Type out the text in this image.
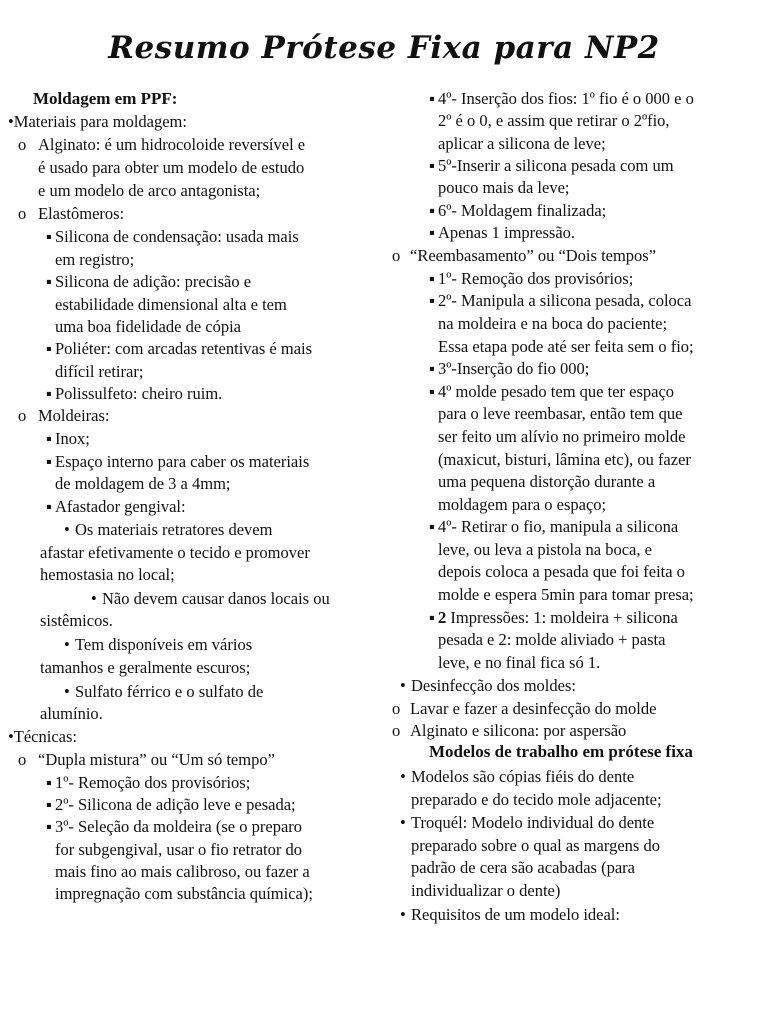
Resumo Prótese Fixa para NP2
Moldagem em PPF:
•Materiais para moldagem:
o Alginato: é um hidrocoloide reversível e
é usado para obter um modelo de estudo
e um modelo de arco antagonista;
o Elastômeros:
▪ Silicona de condensação: usada mais
em registro;
▪ Silicona de adição: precisão e
estabilidade dimensional alta e tem
uma boa fidelidade de cópia
▪ Poliéter: com arcadas retentivas é mais
difícil retirar;
▪ Polissulfeto: cheiro ruim.
o Moldeiras:
▪ Inox;
▪ Espaço interno para caber os materiais
de moldagem de 3 a 4mm;
▪ Afastador gengival:
• Os materiais retratores devem
afastar efetivamente o tecido e promover
hemostasia no local;
• Não devem causar danos locais ou
sistêmicos.
• Tem disponíveis em vários
tamanhos e geralmente escuros;
• Sulfato férrico e o sulfato de
alumínio.
•Técnicas:
o “Dupla mistura” ou “Um só tempo”
▪ 1º- Remoção dos provisórios;
▪ 2º- Silicona de adição leve e pesada;
▪ 3º- Seleção da moldeira (se o preparo
for subgengival, usar o fio retrator do
mais fino ao mais calibroso, ou fazer a
impregnação com substância química);
▪ 4º- Inserção dos fios: 1º fio é o 000 e o
2º é o 0, e assim que retirar o 2ºfio,
aplicar a silicona de leve;
▪ 5º-Inserir a silicona pesada com um
pouco mais da leve;
▪ 6º- Moldagem finalizada;
▪ Apenas 1 impressão.
o “Reembasamento” ou “Dois tempos”
▪ 1º- Remoção dos provisórios;
▪ 2º- Manipula a silicona pesada, coloca
na moldeira e na boca do paciente;
Essa etapa pode até ser feita sem o fio;
▪ 3º-Inserção do fio 000;
▪ 4º molde pesado tem que ter espaço
para o leve reembasar, então tem que
ser feito um alívio no primeiro molde
(maxicut, bisturi, lâmina etc), ou fazer
uma pequena distorção durante a
moldagem para o espaço;
▪ 4º- Retirar o fio, manipula a silicona
leve, ou leva a pistola na boca, e
depois coloca a pesada que foi feita o
molde e espera 5min para tomar presa;
▪ 2 Impressões: 1: moldeira + silicona
pesada e 2: molde aliviado + pasta
leve, e no final fica só 1.
• Desinfecção dos moldes:
o Lavar e fazer a desinfecção do molde
o Alginato e silicona: por aspersão
Modelos de trabalho em prótese fixa
• Modelos são cópias fiéis do dente
preparado e do tecido mole adjacente;
• Troquél: Modelo individual do dente
preparado sobre o qual as margens do
padrão de cera são acabadas (para
individualizar o dente)
• Requisitos de um modelo ideal:
